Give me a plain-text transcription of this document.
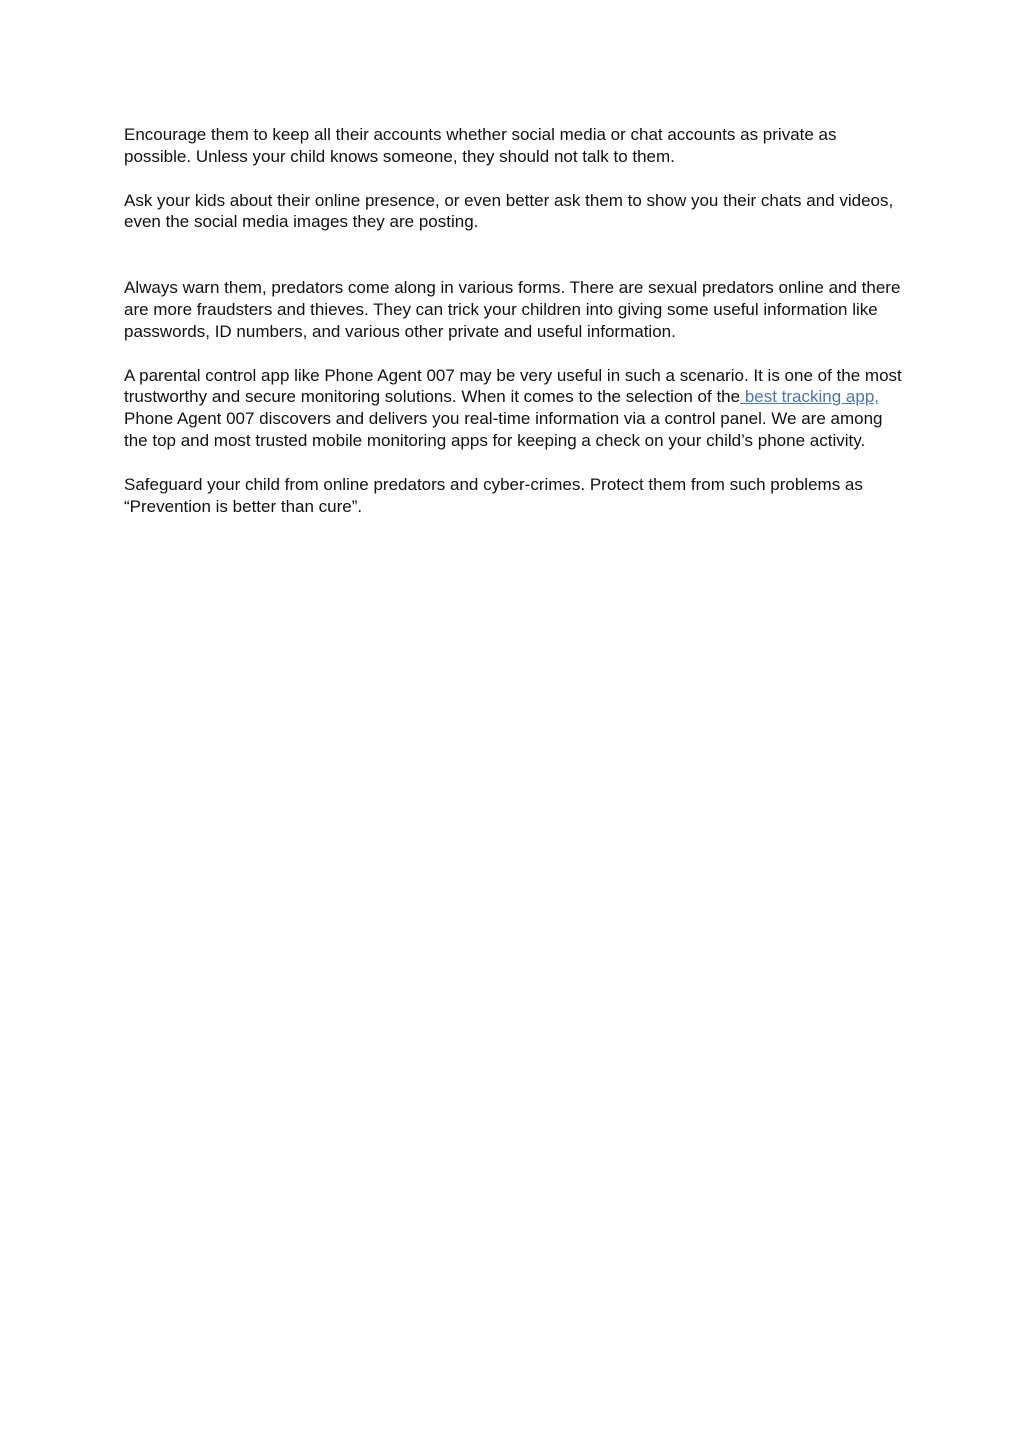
Encourage them to keep all their accounts whether social media or chat accounts as private as possible. Unless your child knows someone, they should not talk to them.

Ask your kids about their online presence, or even better ask them to show you their chats and videos, even the social media images they are posting.

Always warn them, predators come along in various forms. There are sexual predators online and there are more fraudsters and thieves. They can trick your children into giving some useful information like passwords, ID numbers, and various other private and useful information.

A parental control app like Phone Agent 007 may be very useful in such a scenario. It is one of the most trustworthy and secure monitoring solutions. When it comes to the selection of the best tracking app, Phone Agent 007 discovers and delivers you real-time information via a control panel. We are among the top and most trusted mobile monitoring apps for keeping a check on your child’s phone activity.

Safeguard your child from online predators and cyber-crimes. Protect them from such problems as “Prevention is better than cure”.
